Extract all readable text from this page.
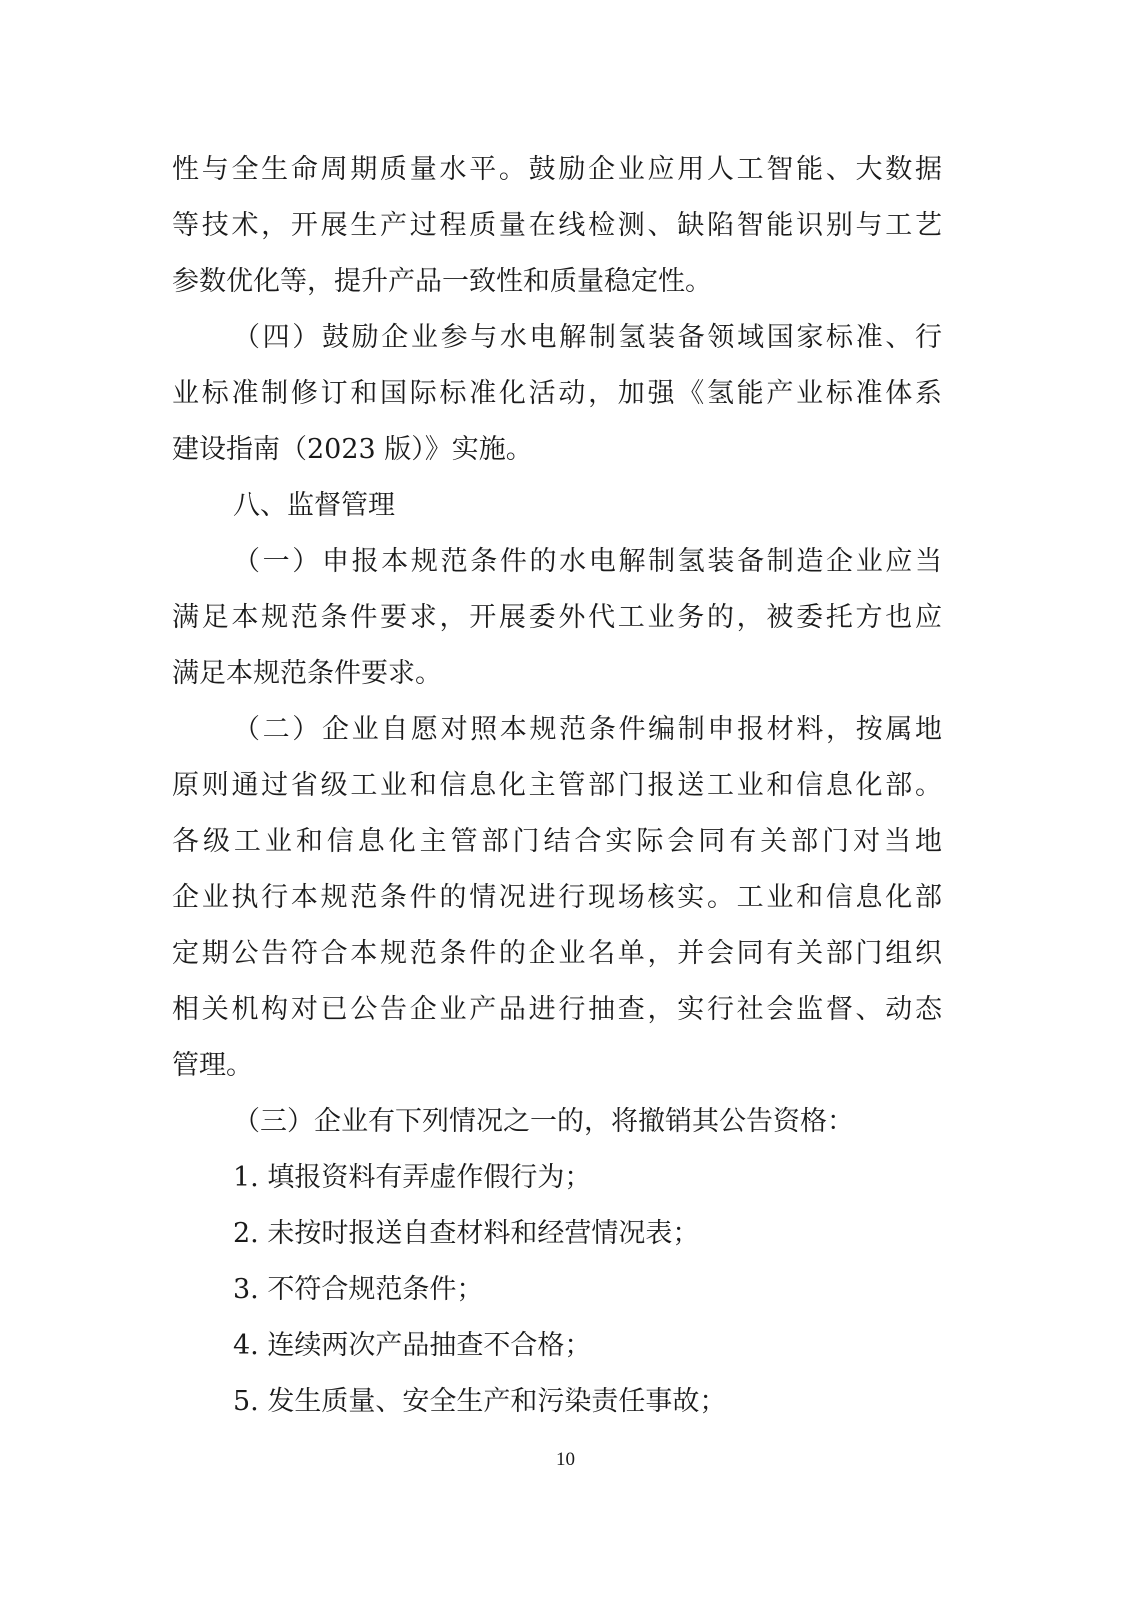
性与全生命周期质量水平。鼓励企业应用人工智能、大数据
等技术，开展生产过程质量在线检测、缺陷智能识别与工艺
参数优化等，提升产品一致性和质量稳定性。
（四）鼓励企业参与水电解制氢装备领域国家标准、行
业标准制修订和国际标准化活动，加强《氢能产业标准体系
建设指南（2023 版）》实施。
八、监督管理
（一）申报本规范条件的水电解制氢装备制造企业应当
满足本规范条件要求，开展委外代工业务的，被委托方也应
满足本规范条件要求。
（二）企业自愿对照本规范条件编制申报材料，按属地
原则通过省级工业和信息化主管部门报送工业和信息化部。
各级工业和信息化主管部门结合实际会同有关部门对当地
企业执行本规范条件的情况进行现场核实。工业和信息化部
定期公告符合本规范条件的企业名单，并会同有关部门组织
相关机构对已公告企业产品进行抽查，实行社会监督、动态
管理。
（三）企业有下列情况之一的，将撤销其公告资格：
1. 填报资料有弄虚作假行为；
2. 未按时报送自查材料和经营情况表；
3. 不符合规范条件；
4. 连续两次产品抽查不合格；
5. 发生质量、安全生产和污染责任事故；
10
